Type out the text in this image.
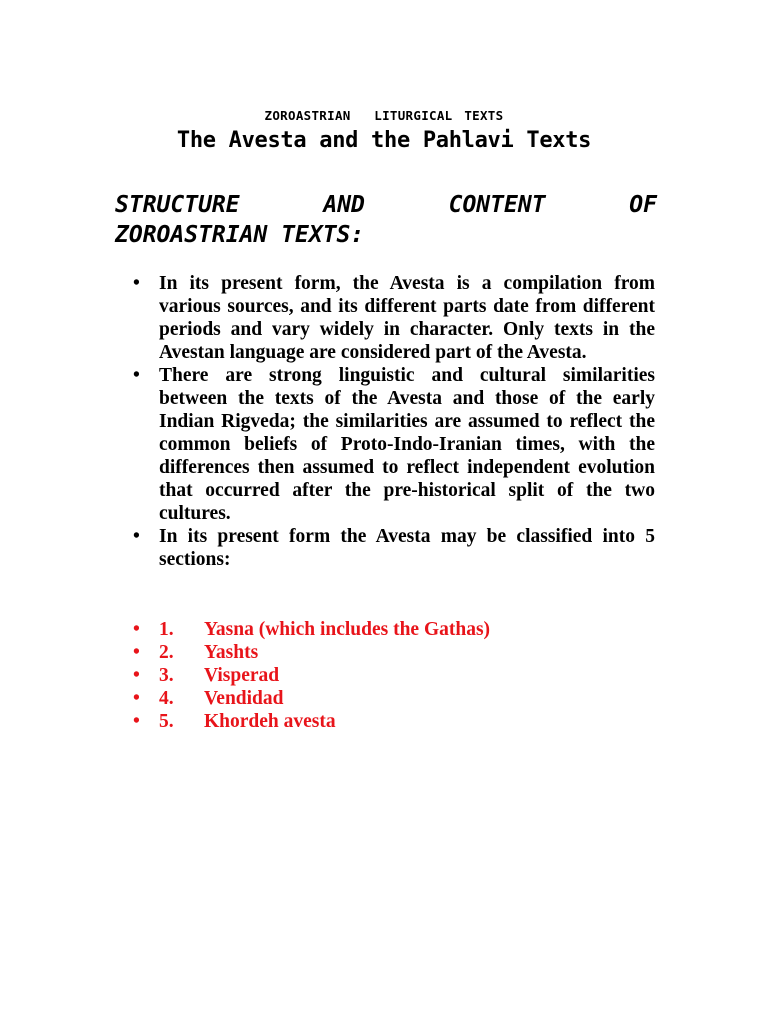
ZOROASTRIAN  LITURGICAL TEXTS
The Avesta and the Pahlavi Texts
STRUCTURE	AND	CONTENT	OF
ZOROASTRIAN TEXTS:
• In its present form, the Avesta is a compilation from various sources, and its different parts date from different periods and vary widely in character. Only texts in the Avestan language are considered part of the Avesta.
• There are strong linguistic and cultural similarities between the texts of the Avesta and those of the early Indian Rigveda; the similarities are assumed to reflect the common beliefs of Proto-Indo-Iranian times, with the differences then assumed to reflect independent evolution that occurred after the pre-historical split of the two cultures.
• In its present form the Avesta may be classified into 5 sections:
• 1. Yasna (which includes the Gathas)
• 2. Yashts
• 3. Visperad
• 4. Vendidad
• 5. Khordeh avesta
